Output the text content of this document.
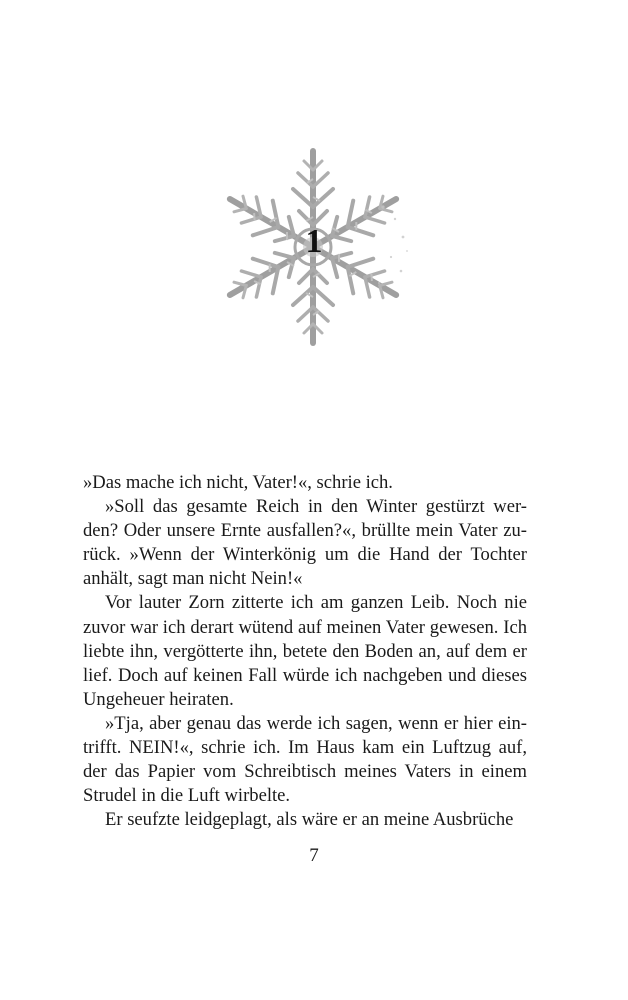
1

»Das mache ich nicht, Vater!«, schrie ich.

»Soll das gesamte Reich in den Winter gestürzt wer-den? Oder unsere Ernte ausfallen?«, brüllte mein Vater zu-rück. »Wenn der Winterkönig um die Hand der Tochter anhält, sagt man nicht Nein!«

Vor lauter Zorn zitterte ich am ganzen Leib. Noch nie zuvor war ich derart wütend auf meinen Vater gewesen. Ich liebte ihn, vergötterte ihn, betete den Boden an, auf dem er lief. Doch auf keinen Fall würde ich nachgeben und dieses Ungeheuer heiraten.

»Tja, aber genau das werde ich sagen, wenn er hier ein-trifft. NEIN!«, schrie ich. Im Haus kam ein Luftzug auf, der das Papier vom Schreibtisch meines Vaters in einem Strudel in die Luft wirbelte.

Er seufzte leidgeplagt, als wäre er an meine Ausbrüche

7
